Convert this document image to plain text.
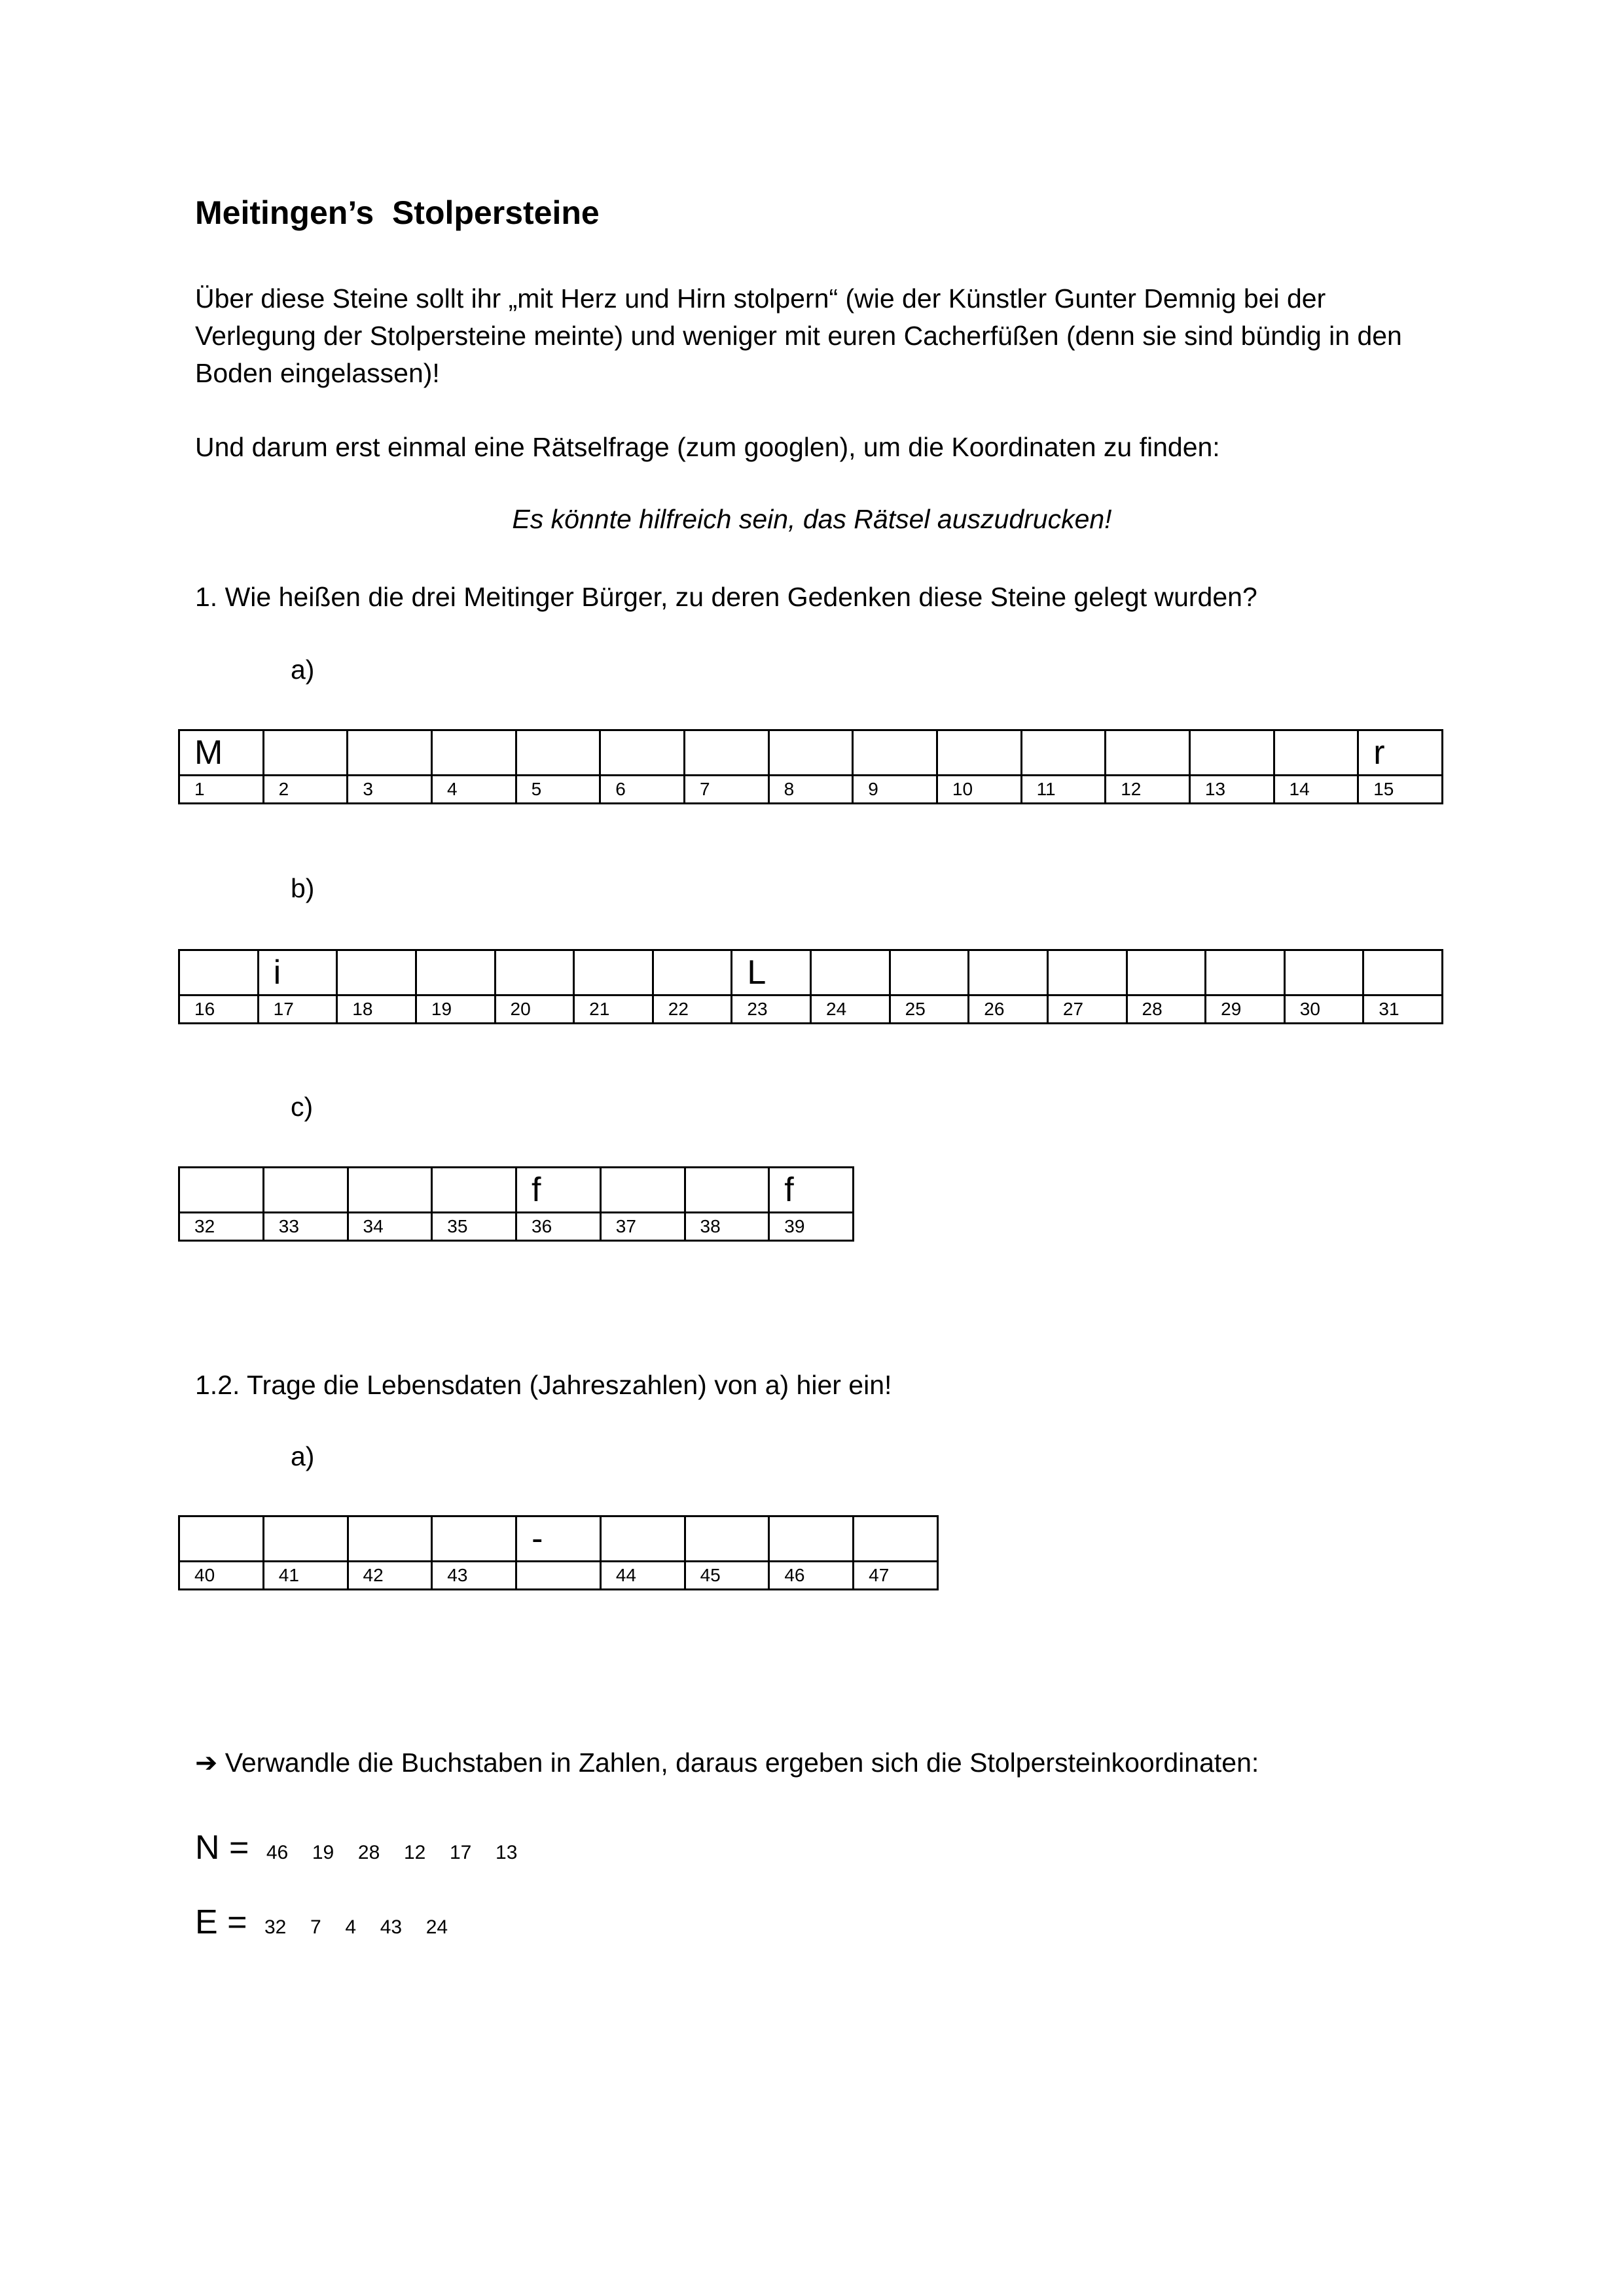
Meitingen’s  Stolpersteine
Über diese Steine sollt ihr „mit Herz und Hirn stolpern“ (wie der Künstler Gunter Demnig bei der Verlegung der Stolpersteine meinte) und weniger mit euren Cacherfüßen (denn sie sind bündig in den Boden eingelassen)!
Und darum erst einmal eine Rätselfrage (zum googlen), um die Koordinaten zu finden:
Es könnte hilfreich sein, das Rätsel auszudrucken!
1. Wie heißen die drei Meitinger Bürger, zu deren Gedenken diese Steine gelegt wurden?
a)
M														r
1	2	3	4	5	6	7	8	9	10	11	12	13	14	15
b)
	i						L								
16	17	18	19	20	21	22	23	24	25	26	27	28	29	30	31
c)
				f			f
32	33	34	35	36	37	38	39
1.2. Trage die Lebensdaten (Jahreszahlen) von a) hier ein!
a)
				-				
40	41	42	43		44	45	46	47
➔ Verwandle die Buchstaben in Zahlen, daraus ergeben sich die Stolpersteinkoordinaten:
N = 46  19  28  12  17  13
E = 32  7  4  43  24
